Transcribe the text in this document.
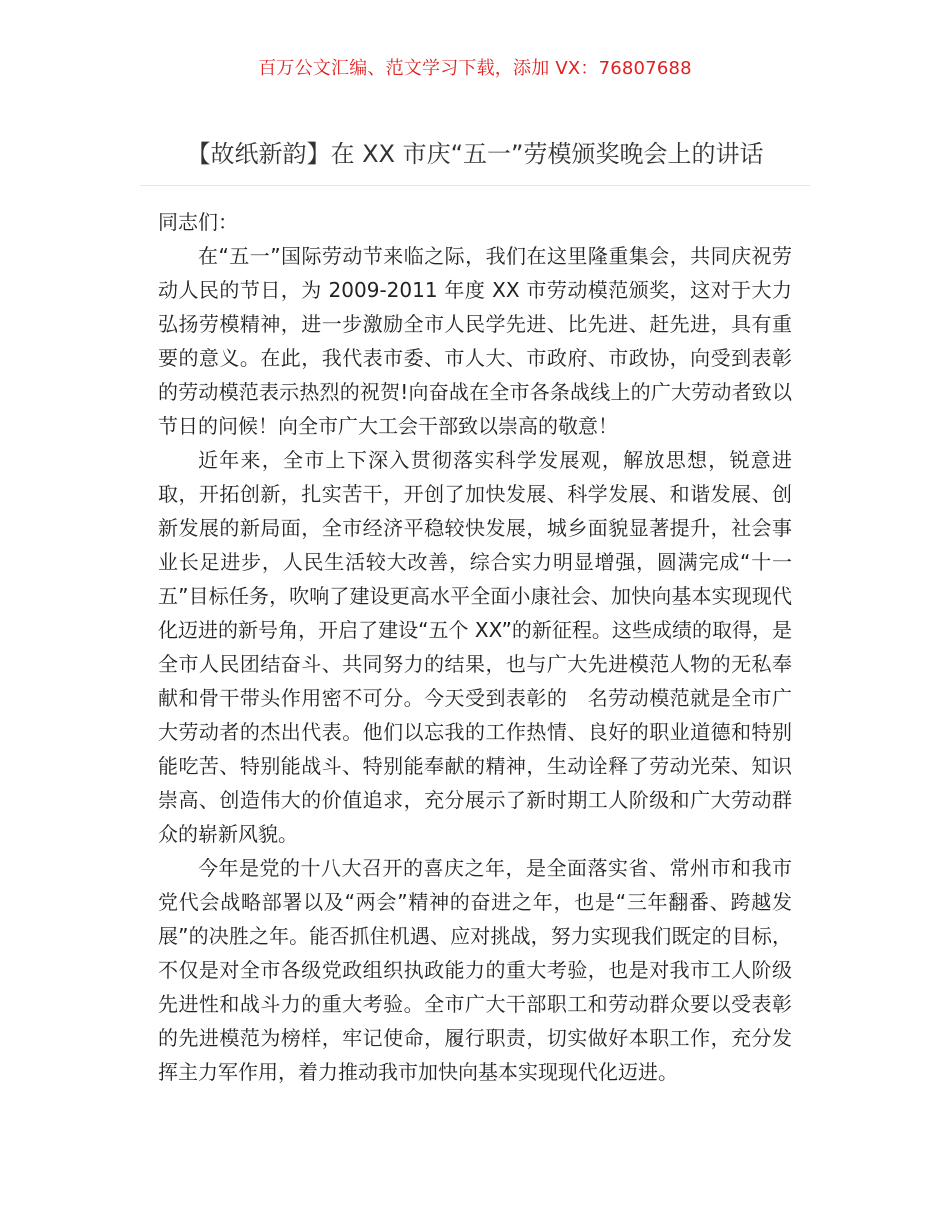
百万公文汇编、范文学习下载，添加 VX：76807688
【故纸新韵】在 XX 市庆“五一”劳模颁奖晚会上的讲话

同志们：

在“五一”国际劳动节来临之际，我们在这里隆重集会，共同庆祝劳动人民的节日，为 2009-2011 年度 XX 市劳动模范颁奖，这对于大力弘扬劳模精神，进一步激励全市人民学先进、比先进、赶先进，具有重要的意义。在此，我代表市委、市人大、市政府、市政协，向受到表彰的劳动模范表示热烈的祝贺!向奋战在全市各条战线上的广大劳动者致以节日的问候！向全市广大工会干部致以崇高的敬意！

近年来，全市上下深入贯彻落实科学发展观，解放思想，锐意进取，开拓创新，扎实苦干，开创了加快发展、科学发展、和谐发展、创新发展的新局面，全市经济平稳较快发展，城乡面貌显著提升，社会事业长足进步，人民生活较大改善，综合实力明显增强，圆满完成“十一五”目标任务，吹响了建设更高水平全面小康社会、加快向基本实现现代化迈进的新号角，开启了建设“五个 XX”的新征程。这些成绩的取得，是全市人民团结奋斗、共同努力的结果，也与广大先进模范人物的无私奉献和骨干带头作用密不可分。今天受到表彰的　名劳动模范就是全市广大劳动者的杰出代表。他们以忘我的工作热情、良好的职业道德和特别能吃苦、特别能战斗、特别能奉献的精神，生动诠释了劳动光荣、知识崇高、创造伟大的价值追求，充分展示了新时期工人阶级和广大劳动群众的崭新风貌。

今年是党的十八大召开的喜庆之年，是全面落实省、常州市和我市党代会战略部署以及“两会”精神的奋进之年，也是“三年翻番、跨越发展”的决胜之年。能否抓住机遇、应对挑战，努力实现我们既定的目标，不仅是对全市各级党政组织执政能力的重大考验，也是对我市工人阶级先进性和战斗力的重大考验。全市广大干部职工和劳动群众要以受表彰的先进模范为榜样，牢记使命，履行职责，切实做好本职工作，充分发挥主力军作用，着力推动我市加快向基本实现现代化迈进。
